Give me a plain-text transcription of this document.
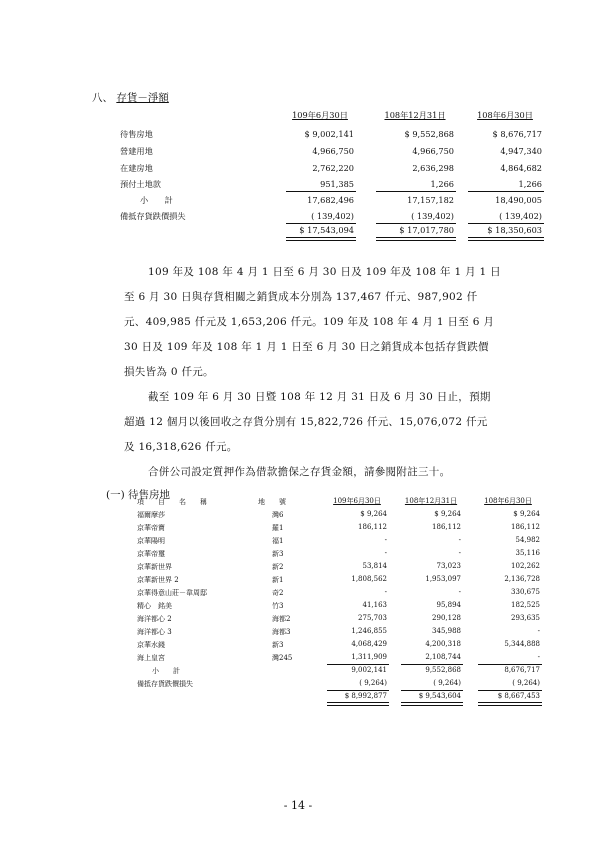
八、 存貨－淨額
109年6月30日	108年12月31日	108年6月30日
待售房地	$ 9,002,141	$ 9,552,868	$ 8,676,717
營建用地	4,966,750	4,966,750	4,947,340
在建房地	2,762,220	2,636,298	4,864,682
預付土地款	951,385	1,266	1,266
小　　計	17,682,496	17,157,182	18,490,005
備抵存貨跌價損失	( 139,402)	( 139,402)	( 139,402)
$ 17,543,094	$ 17,017,780	$ 18,350,603
109 年及 108 年 4 月 1 日至 6 月 30 日及 109 年及 108 年 1 月 1 日
至 6 月 30 日與存貨相關之銷貨成本分別為 137,467 仟元、987,902 仟
元、409,985 仟元及 1,653,206 仟元。109 年及 108 年 4 月 1 日至 6 月
30 日及 109 年及 108 年 1 月 1 日至 6 月 30 日之銷貨成本包括存貨跌價
損失皆為 0 仟元。
截至 109 年 6 月 30 日暨 108 年 12 月 31 日及 6 月 30 日止，預期
超過 12 個月以後回收之存貨分別有 15,822,726 仟元、15,076,072 仟元
及 16,318,626 仟元。
合併公司設定質押作為借款擔保之存貨金額，請參閱附註三十。
(一) 待售房地
項　　目　　名　　稱	地　　號	109年6月30日	108年12月31日	108年6月30日
福爾摩莎	灣6	$ 9,264	$ 9,264	$ 9,264
京華帝寶	羅1	186,112	186,112	186,112
京華陽明	福1	-	-	54,982
京華帝璽	新3	-	-	35,116
京華新世界	新2	53,814	73,023	102,262
京華新世界 2	新1	1,808,562	1,953,097	2,136,728
京華得意山莊－韋周邸	奇2	-	-	330,675
精心　銘美	竹3	41,163	95,894	182,525
海洋都心 2	海都2	275,703	290,128	293,635
海洋都心 3	海都3	1,246,855	345,988	-
京華水錢	新3	4,068,429	4,200,318	5,344,888
海上皇宮	灣245	1,311,909	2,108,744	-
小　　計	9,002,141	9,552,868	8,676,717
備抵存貨跌價損失	( 9,264)	( 9,264)	( 9,264)
$ 8,992,877	$ 9,543,604	$ 8,667,453
- 14 -
